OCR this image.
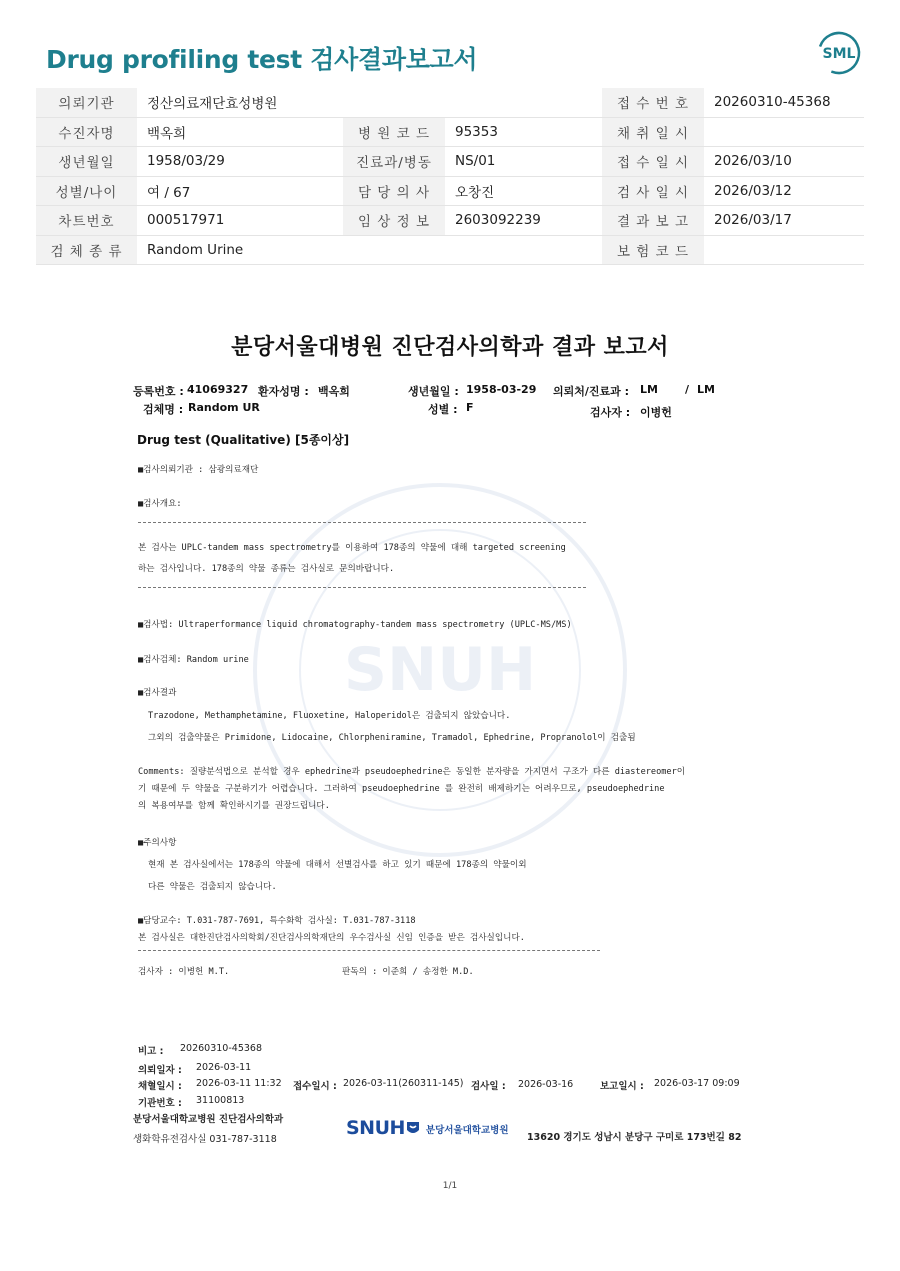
Drug profiling test 검사결과보고서	SML
의뢰기관	정산의료재단효성병원			접 수 번 호	20260310-45368
수진자명	백옥희	병 원 코 드	95353	채 취 일 시	
생년월일	1958/03/29	진료과/병동	NS/01	접 수 일 시	2026/03/10
성별/나이	여 / 67	담 당 의 사	오창진	검 사 일 시	2026/03/12
차트번호	000517971	임 상 정 보	2603092239	결 과 보 고	2026/03/17
검 체 종 류	Random Urine			보 험 코 드	
SNUH
분당서울대병원 진단검사의학과 결과 보고서
등록번호 : 41069327 환자성명 : 백옥희	생년월일 : 1958-03-29 의뢰처/진료과 : LM / LM
검체명 : Random UR	성별 : F	검사자 : 이병헌
Drug test (Qualitative) [5종이상]
■검사의뢰기관 : 삼광의료재단
■검사개요:
본 검사는 UPLC-tandem mass spectrometry를 이용하여 178종의 약물에 대해 targeted screening
하는 검사입니다. 178종의 약물 종류는 검사실로 문의바랍니다.
■검사법: Ultraperformance liquid chromatography-tandem mass spectrometry (UPLC-MS/MS)
■검사검체: Random urine
■검사결과
Trazodone, Methamphetamine, Fluoxetine, Haloperidol은 검출되지 않았습니다.
그외의 검출약물은 Primidone, Lidocaine, Chlorpheniramine, Tramadol, Ephedrine, Propranolol이 검출됨
Comments: 질량분석법으로 분석할 경우 ephedrine과 pseudoephedrine은 동일한 분자량을 가지면서 구조가 다른 diastereomer이
기 때문에 두 약물을 구분하기가 어렵습니다. 그러하여 pseudoephedrine 를 완전히 배제하기는 어려우므로, pseudoephedrine
의 복용여부를 함께 확인하시기를 권장드립니다.
■주의사항
현재 본 검사실에서는 178종의 약물에 대해서 선별검사를 하고 있기 때문에 178종의 약물이외
다른 약물은 검출되지 않습니다.
■담당교수: T.031-787-7691, 특수화학 검사실: T.031-787-3118
본 검사실은 대한진단검사의학회/진단검사의학재단의 우수검사실 신임 인증을 받은 검사실입니다.
검사자 : 이병헌 M.T.	판독의 : 이준희 / 송정한 M.D.
비고 : 20260310-45368
의뢰일자 : 2026-03-11
채혈일시 : 2026-03-11 11:32 접수일시 : 2026-03-11(260311-145) 검사일 : 2026-03-16	보고일시 : 2026-03-17 09:09
기관번호 : 31100813
분당서울대학교병원 진단검사의학과
생화학유전검사실 031-787-3118
SNUH 분당서울대학교병원
13620 경기도 성남시 분당구 구미로 173번길 82
1/1
